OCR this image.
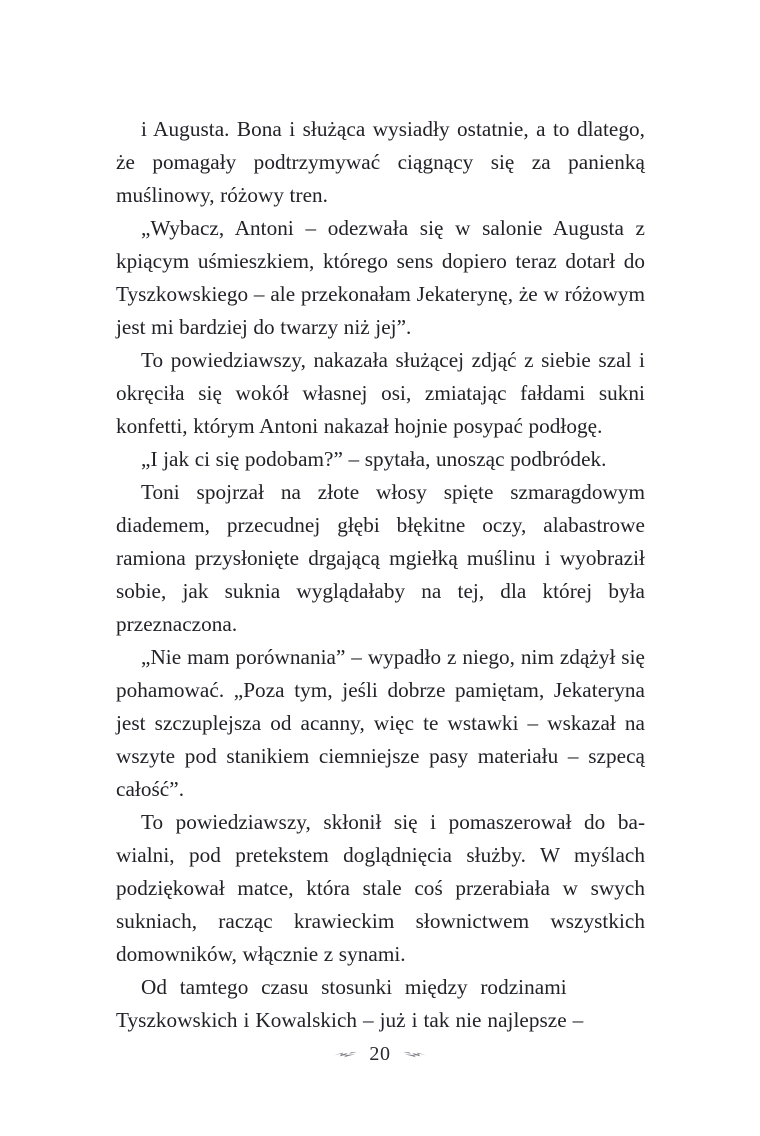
i Augusta. Bona i służąca wysiadły ostatnie, a to dlatego, że pomagały podtrzymywać ciągnący się za panienką muślinowy, różowy tren.

„Wybacz, Antoni – odezwała się w salonie Augusta z kpiącym uśmieszkiem, którego sens dopiero teraz dotarł do Tyszkowskiego – ale przekonałam Jekaterynę, że w różowym jest mi bardziej do twarzy niż jej”.

To powiedziawszy, nakazała służącej zdjąć z siebie szal i okręciła się wokół własnej osi, zmiatając fałdami sukni konfetti, którym Antoni nakazał hojnie posypać podłogę.

„I jak ci się podobam?” – spytała, unosząc podbródek.

Toni spojrzał na złote włosy spięte szmaragdowym diademem, przecudnej głębi błękitne oczy, alabastrowe ramiona przysłonięte drgającą mgiełką muślinu i wyobraził sobie, jak suknia wyglądałaby na tej, dla której była przeznaczona.

„Nie mam porównania” – wypadło z niego, nim zdążył się pohamować. „Poza tym, jeśli dobrze pamiętam, Jekateryna jest szczuplejsza od acanny, więc te wstawki – wskazał na wszyte pod stanikiem ciemniejsze pasy materiału – szpecą całość”.

To powiedziawszy, skłonił się i pomaszerował do bawialni, pod pretekstem doglądnięcia służby. W myślach podziękował matce, która stale coś przerabiała w swych sukniach, racząc krawieckim słownictwem wszystkich domowników, włącznie z synami.

Od tamtego czasu stosunki między rodzinami
Tyszkowskich i Kowalskich – już i tak nie najlepsze –

20
